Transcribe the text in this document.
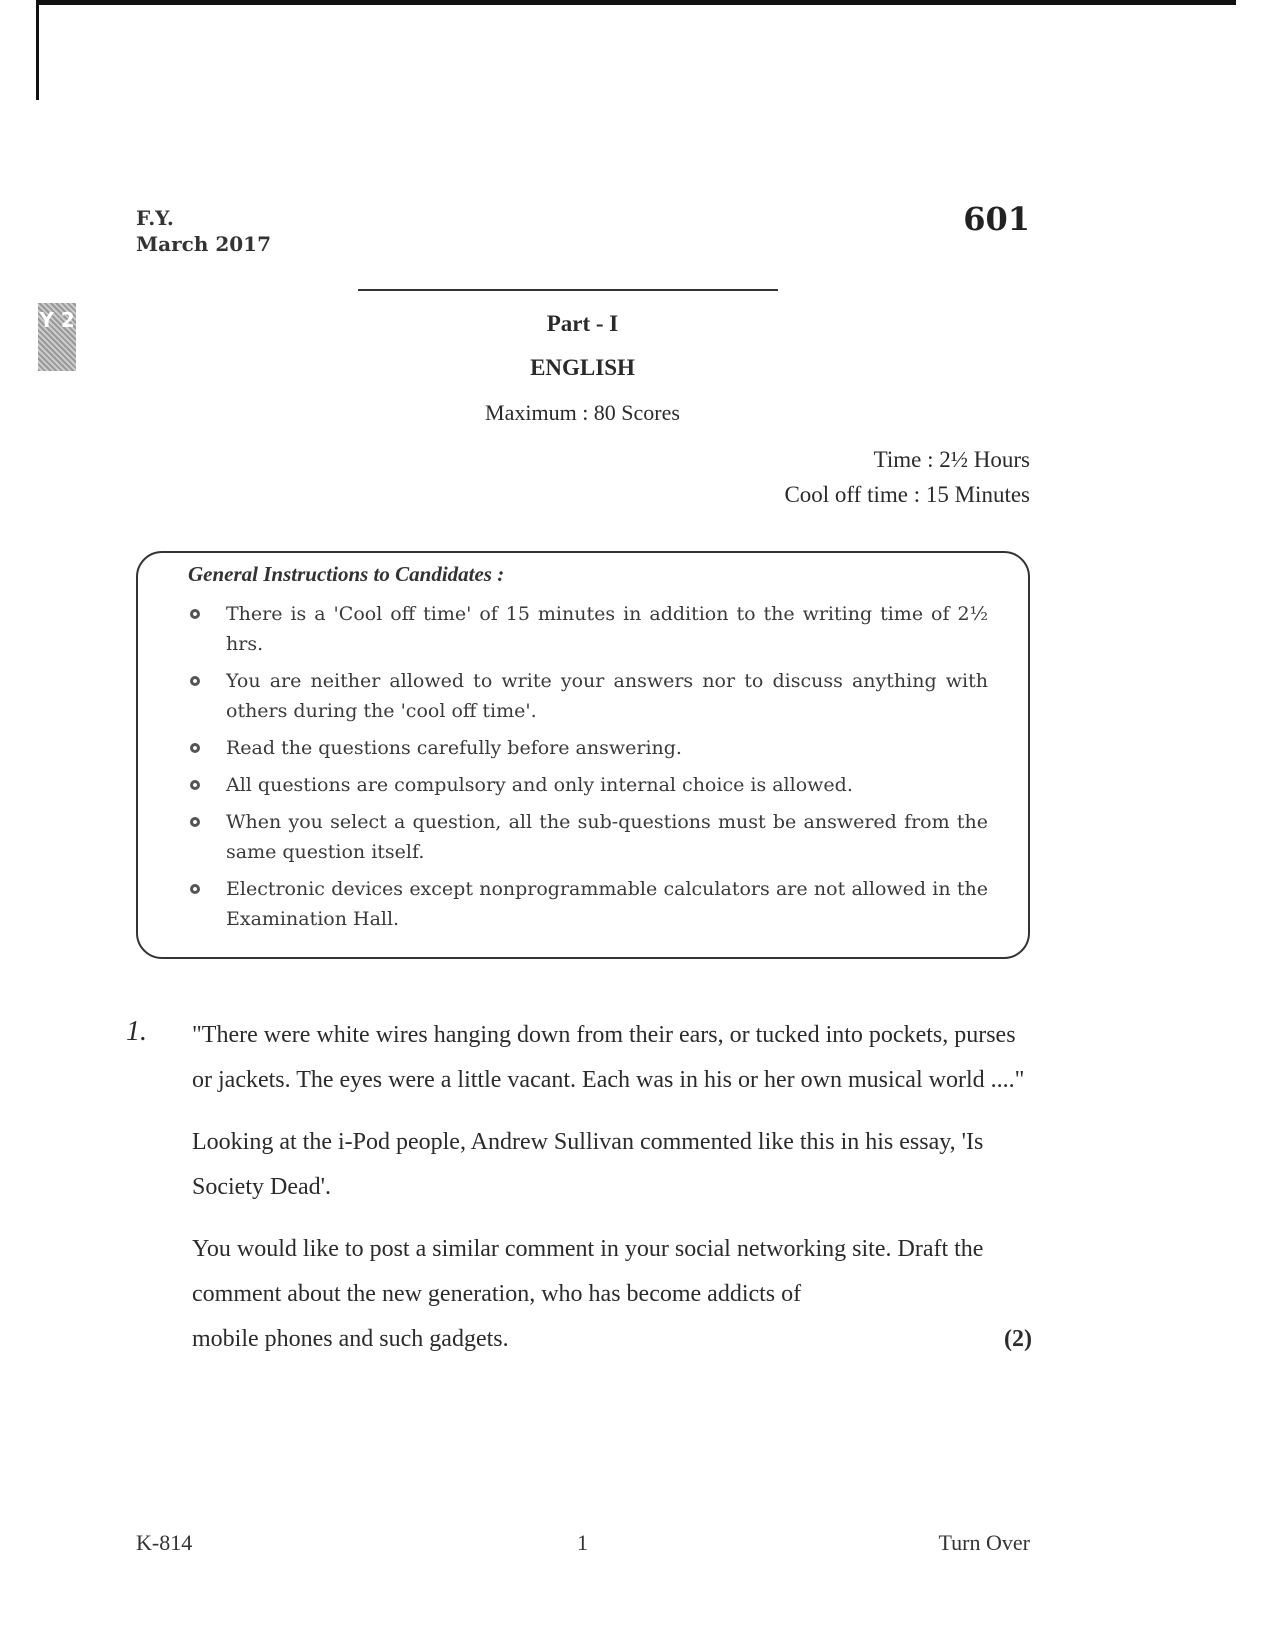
Y 2
F.Y.
March 2017
601
Part - I
ENGLISH
Maximum : 80 Scores
Time : 2½ Hours
Cool off time : 15 Minutes
General Instructions to Candidates :
There is a 'Cool off time' of 15 minutes in addition to the writing time of 2½ hrs.
You are neither allowed to write your answers nor to discuss anything with others during the 'cool off time'.
Read the questions carefully before answering.
All questions are compulsory and only internal choice is allowed.
When you select a question, all the sub-questions must be answered from the same question itself.
Electronic devices except nonprogrammable calculators are not allowed in the Examination Hall.
1. "There were white wires hanging down from their ears, or tucked into pockets, purses or jackets. The eyes were a little vacant. Each was in his or her own musical world ...."

Looking at the i-Pod people, Andrew Sullivan commented like this in his essay, 'Is Society Dead'.

You would like to post a similar comment in your social networking site. Draft the comment about the new generation, who has become addicts of

mobile phones and such gadgets.	(2)
K-814	1	Turn Over
